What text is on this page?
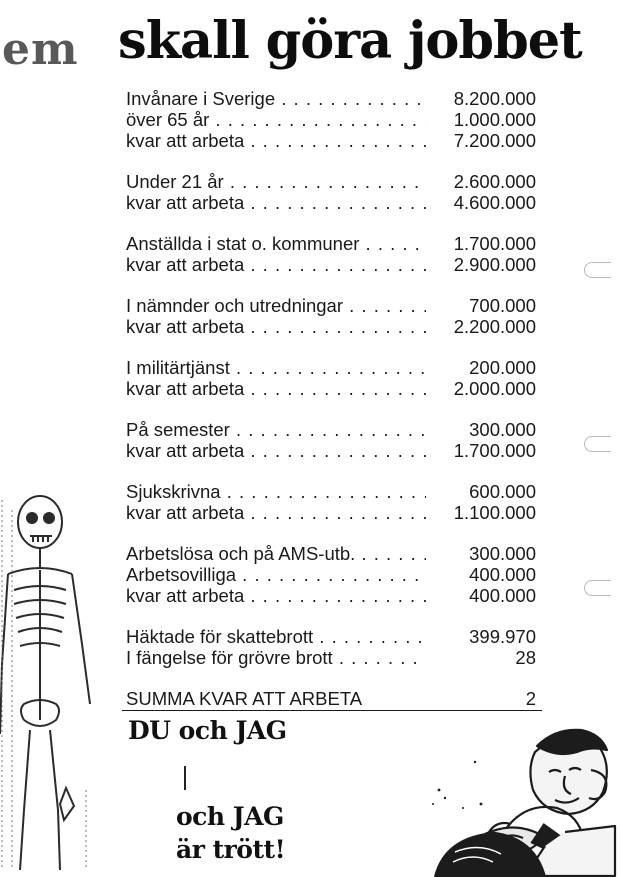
em skall göra jobbet
Invånare i Sverige . . .	8.200.000
över 65 år . . .	1.000.000
kvar att arbeta . . .	7.200.000
Under 21 år . . .	2.600.000
kvar att arbeta . . .	4.600.000
Anställda i stat o. kommuner . . .	1.700.000
kvar att arbeta . . .	2.900.000
I nämnder och utredningar . . .	700.000
kvar att arbeta . . .	2.200.000
I militärtjänst . . .	200.000
kvar att arbeta . . .	2.000.000
På semester . . .	300.000
kvar att arbeta . . .	1.700.000
Sjukskrivna . . .	600.000
kvar att arbeta . . .	1.100.000
Arbetslösa och på AMS-utb. . . .	300.000
Arbetsovilliga . . .	400.000
kvar att arbeta . . .	400.000
Häktade för skattebrott . . .	399.970
I fängelse för grövre brott . . .	28
SUMMA KVAR ATT ARBETA	2
DU och JAG
och JAG
är trött!
